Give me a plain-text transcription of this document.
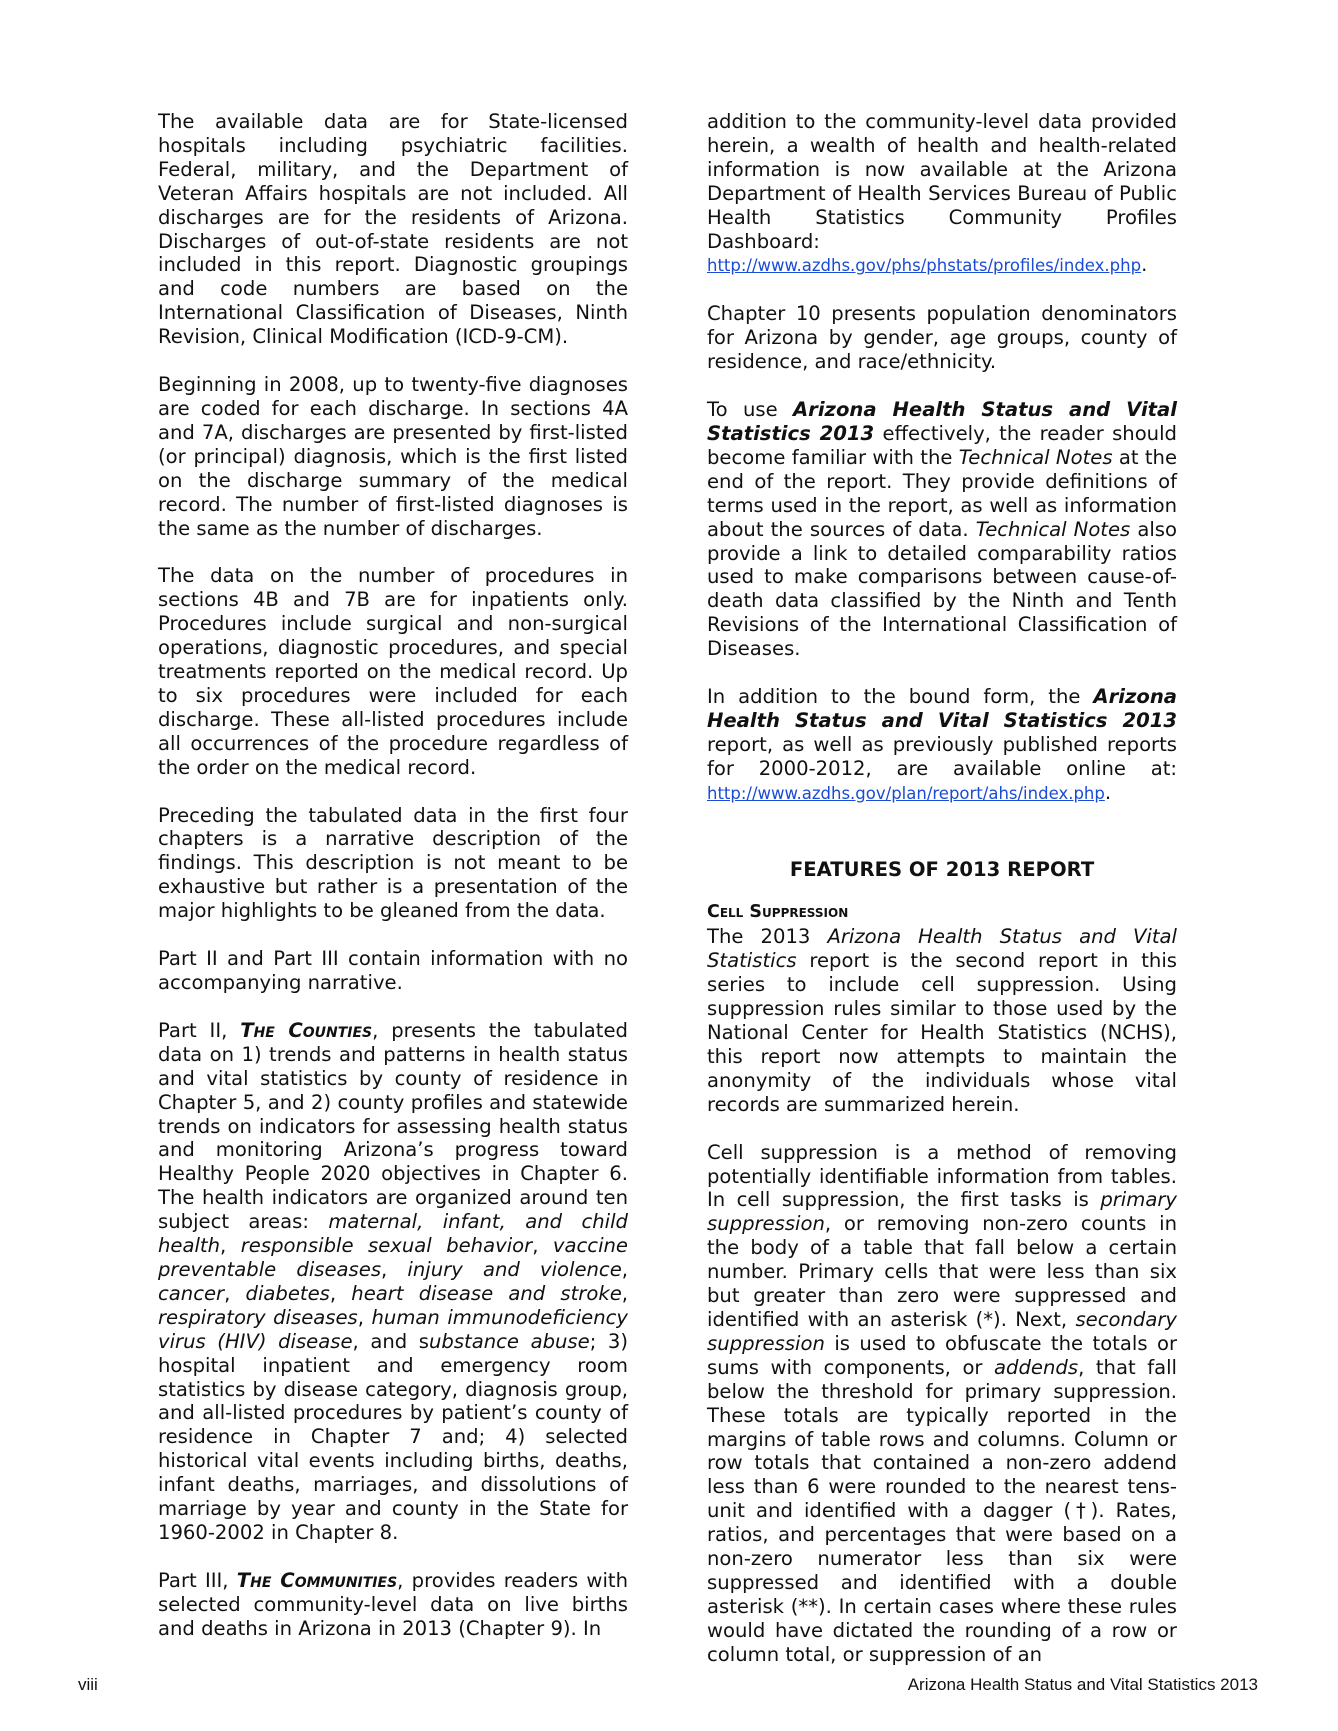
The available data are for State-licensed hospitals including psychiatric facilities. Federal, military, and the Department of Veteran Affairs hospitals are not included. All discharges are for the residents of Arizona. Discharges of out-of-state residents are not included in this report. Diagnostic groupings and code numbers are based on the International Classification of Diseases, Ninth Revision, Clinical Modification (ICD-9-CM).

Beginning in 2008, up to twenty-five diagnoses are coded for each discharge. In sections 4A and 7A, discharges are presented by first-listed (or principal) diagnosis, which is the first listed on the discharge summary of the medical record. The number of first-listed diagnoses is the same as the number of discharges.

The data on the number of procedures in sections 4B and 7B are for inpatients only. Procedures include surgical and non-surgical operations, diagnostic procedures, and special treatments reported on the medical record. Up to six procedures were included for each discharge. These all-listed procedures include all occurrences of the procedure regardless of the order on the medical record.

Preceding the tabulated data in the first four chapters is a narrative description of the findings. This description is not meant to be exhaustive but rather is a presentation of the major highlights to be gleaned from the data.

Part II and Part III contain information with no accompanying narrative.

Part II, The Counties, presents the tabulated data on 1) trends and patterns in health status and vital statistics by county of residence in Chapter 5, and 2) county profiles and statewide trends on indicators for assessing health status and monitoring Arizona’s progress toward Healthy People 2020 objectives in Chapter 6. The health indicators are organized around ten subject areas: maternal, infant, and child health, responsible sexual behavior, vaccine preventable diseases, injury and violence, cancer, diabetes, heart disease and stroke, respiratory diseases, human immunodeficiency virus (HIV) disease, and substance abuse; 3) hospital inpatient and emergency room statistics by disease category, diagnosis group, and all-listed procedures by patient’s county of residence in Chapter 7 and; 4) selected historical vital events including births, deaths, infant deaths, marriages, and dissolutions of marriage by year and county in the State for 1960-2002 in Chapter 8.

Part III, The Communities, provides readers with selected community-level data on live births and deaths in Arizona in 2013 (Chapter 9). In

addition to the community-level data provided herein, a wealth of health and health-related information is now available at the Arizona Department of Health Services Bureau of Public Health Statistics Community Profiles Dashboard: http://www.azdhs.gov/phs/phstats/profiles/index.php.

Chapter 10 presents population denominators for Arizona by gender, age groups, county of residence, and race/ethnicity.

To use Arizona Health Status and Vital Statistics 2013 effectively, the reader should become familiar with the Technical Notes at the end of the report. They provide definitions of terms used in the report, as well as information about the sources of data. Technical Notes also provide a link to detailed comparability ratios used to make comparisons between cause-of-death data classified by the Ninth and Tenth Revisions of the International Classification of Diseases.

In addition to the bound form, the Arizona Health Status and Vital Statistics 2013 report, as well as previously published reports for 2000-2012, are available online at: http://www.azdhs.gov/plan/report/ahs/index.php.

FEATURES OF 2013 REPORT
Cell Suppression

The 2013 Arizona Health Status and Vital Statistics report is the second report in this series to include cell suppression. Using suppression rules similar to those used by the National Center for Health Statistics (NCHS), this report now attempts to maintain the anonymity of the individuals whose vital records are summarized herein.

Cell suppression is a method of removing potentially identifiable information from tables. In cell suppression, the first tasks is primary suppression, or removing non-zero counts in the body of a table that fall below a certain number. Primary cells that were less than six but greater than zero were suppressed and identified with an asterisk (*). Next, secondary suppression is used to obfuscate the totals or sums with components, or addends, that fall below the threshold for primary suppression. These totals are typically reported in the margins of table rows and columns. Column or row totals that contained a non-zero addend less than 6 were rounded to the nearest tens-unit and identified with a dagger (†). Rates, ratios, and percentages that were based on a non-zero numerator less than six were suppressed and identified with a double asterisk (**). In certain cases where these rules would have dictated the rounding of a row or column total, or suppression of an

viii	Arizona Health Status and Vital Statistics 2013
